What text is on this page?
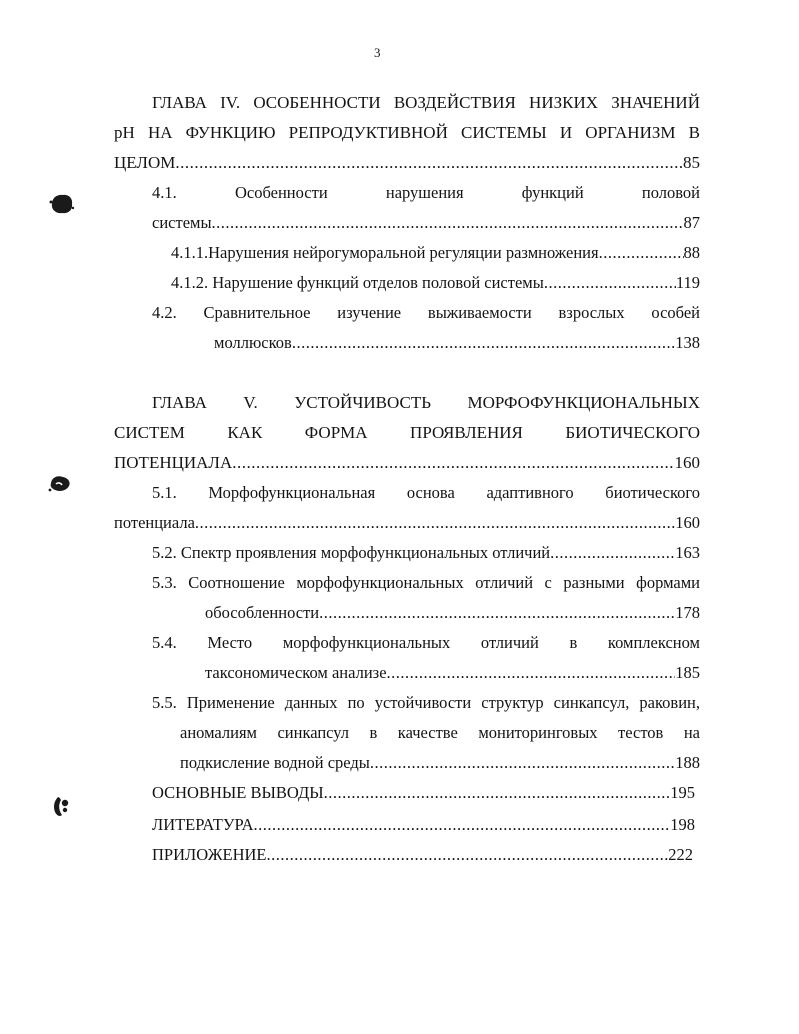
3
ГЛАВА IV. ОСОБЕННОСТИ ВОЗДЕЙСТВИЯ НИЗКИХ ЗНАЧЕНИЙ
рН НА ФУНКЦИЮ РЕПРОДУКТИВНОЙ СИСТЕМЫ И ОРГАНИЗМ В
ЦЕЛОМ .....	85
4.1. Особенности нарушения функций половой
системы .....	87
4.1.1.Нарушения нейрогуморальной регуляции размножения .....	88
4.1.2. Нарушение функций отделов половой системы .....	119
4.2. Сравнительное изучение выживаемости взрослых особей
моллюсков .....	138
ГЛАВА V. УСТОЙЧИВОСТЬ МОРФОФУНКЦИОНАЛЬНЫХ
СИСТЕМ КАК ФОРМА ПРОЯВЛЕНИЯ БИОТИЧЕСКОГО
ПОТЕНЦИАЛА .....	160
5.1. Морфофункциональная основа адаптивного биотического
потенциала .....	160
5.2. Спектр проявления морфофункциональных отличий .....	163
5.3. Соотношение морфофункциональных отличий с разными формами
обособленности .....	178
5.4. Место морфофункциональных отличий в комплексном
таксономическом анализе .....	185
5.5. Применение данных по устойчивости структур синкапсул, раковин,
аномалиям синкапсул в качестве мониторинговых тестов на
подкисление водной среды .....	188
ОСНОВНЫЕ ВЫВОДЫ .....	195
ЛИТЕРАТУРА .....	198
ПРИЛОЖЕНИЕ .....	222
